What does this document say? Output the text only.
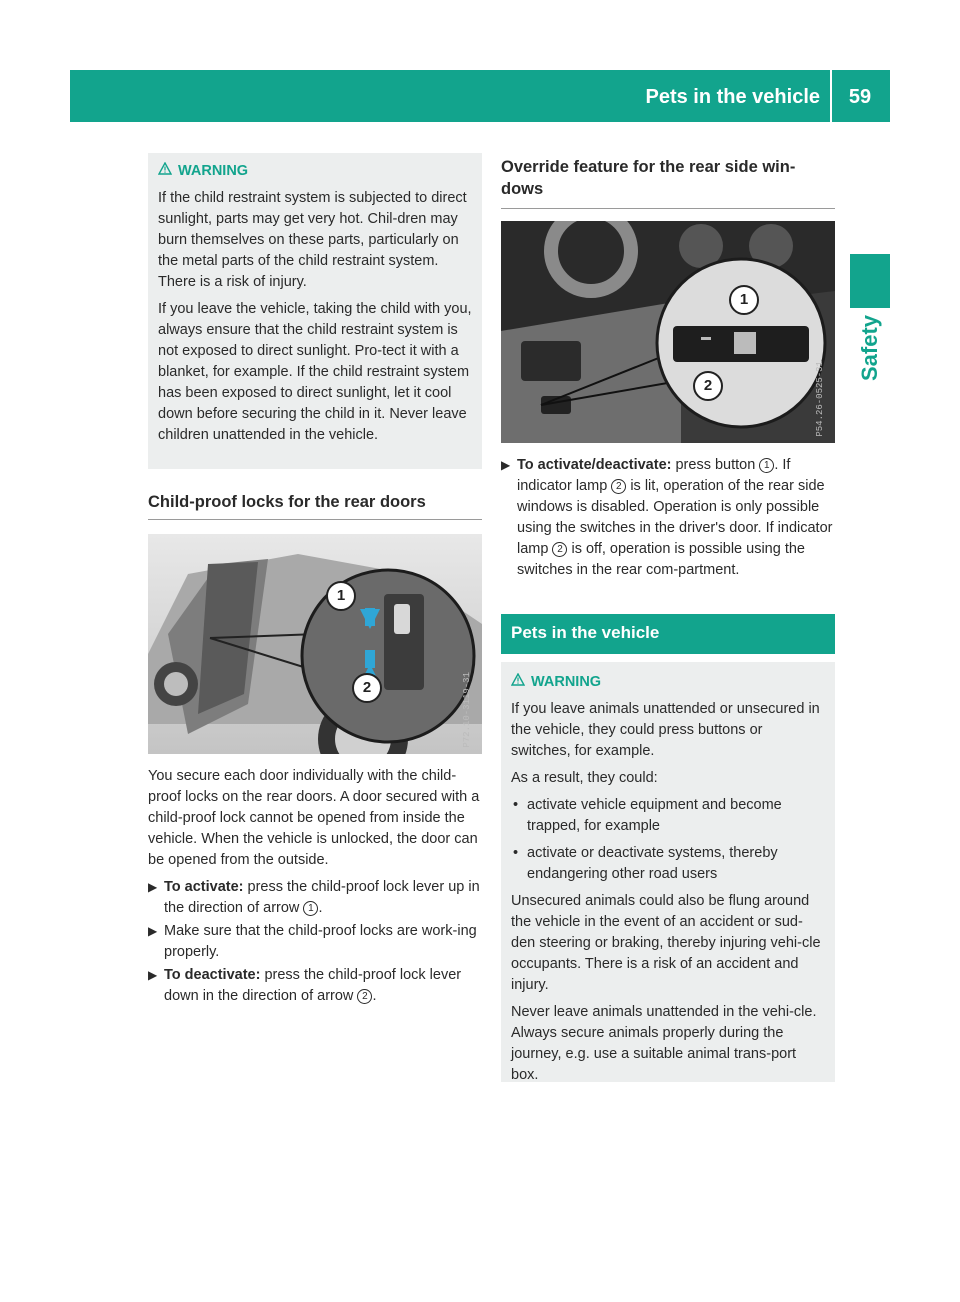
Pets in the vehicle	59
Safety
WARNING

If the child restraint system is subjected to direct sunlight, parts may get very hot. Chil-dren may burn themselves on these parts, particularly on the metal parts of the child restraint system. There is a risk of injury.

If you leave the vehicle, taking the child with you, always ensure that the child restraint system is not exposed to direct sunlight. Pro-tect it with a blanket, for example. If the child restraint system has been exposed to direct sunlight, let it cool down before securing the child in it. Never leave children unattended in the vehicle.

Child-proof locks for the rear doors
1
2	P72.10-3119-31

You secure each door individually with the child-proof locks on the rear doors. A door secured with a child-proof lock cannot be opened from inside the vehicle. When the vehicle is unlocked, the door can be opened from the outside.

▶ To activate: press the child-proof lock lever up in the direction of arrow 1 .
▶ Make sure that the child-proof locks are work-ing properly.
▶ To deactivate: press the child-proof lock lever down in the direction of arrow 2 .
Override feature for the rear side win-dows
1
2	P54.26-0525-31
▶ To activate/deactivate: press button 1 . If indicator lamp 2 is lit, operation of the rear side windows is disabled. Operation is only possible using the switches in the driver's door. If indicator lamp 2 is off, operation is possible using the switches in the rear com-partment.
Pets in the vehicle
WARNING

If you leave animals unattended or unsecured in the vehicle, they could press buttons or switches, for example.

As a result, they could:

• activate vehicle equipment and become trapped, for example
• activate or deactivate systems, thereby endangering other road users

Unsecured animals could also be flung around the vehicle in the event of an accident or sud-den steering or braking, thereby injuring vehi-cle occupants. There is a risk of an accident and injury.

Never leave animals unattended in the vehi-cle. Always secure animals properly during the journey, e.g. use a suitable animal trans-port box.
